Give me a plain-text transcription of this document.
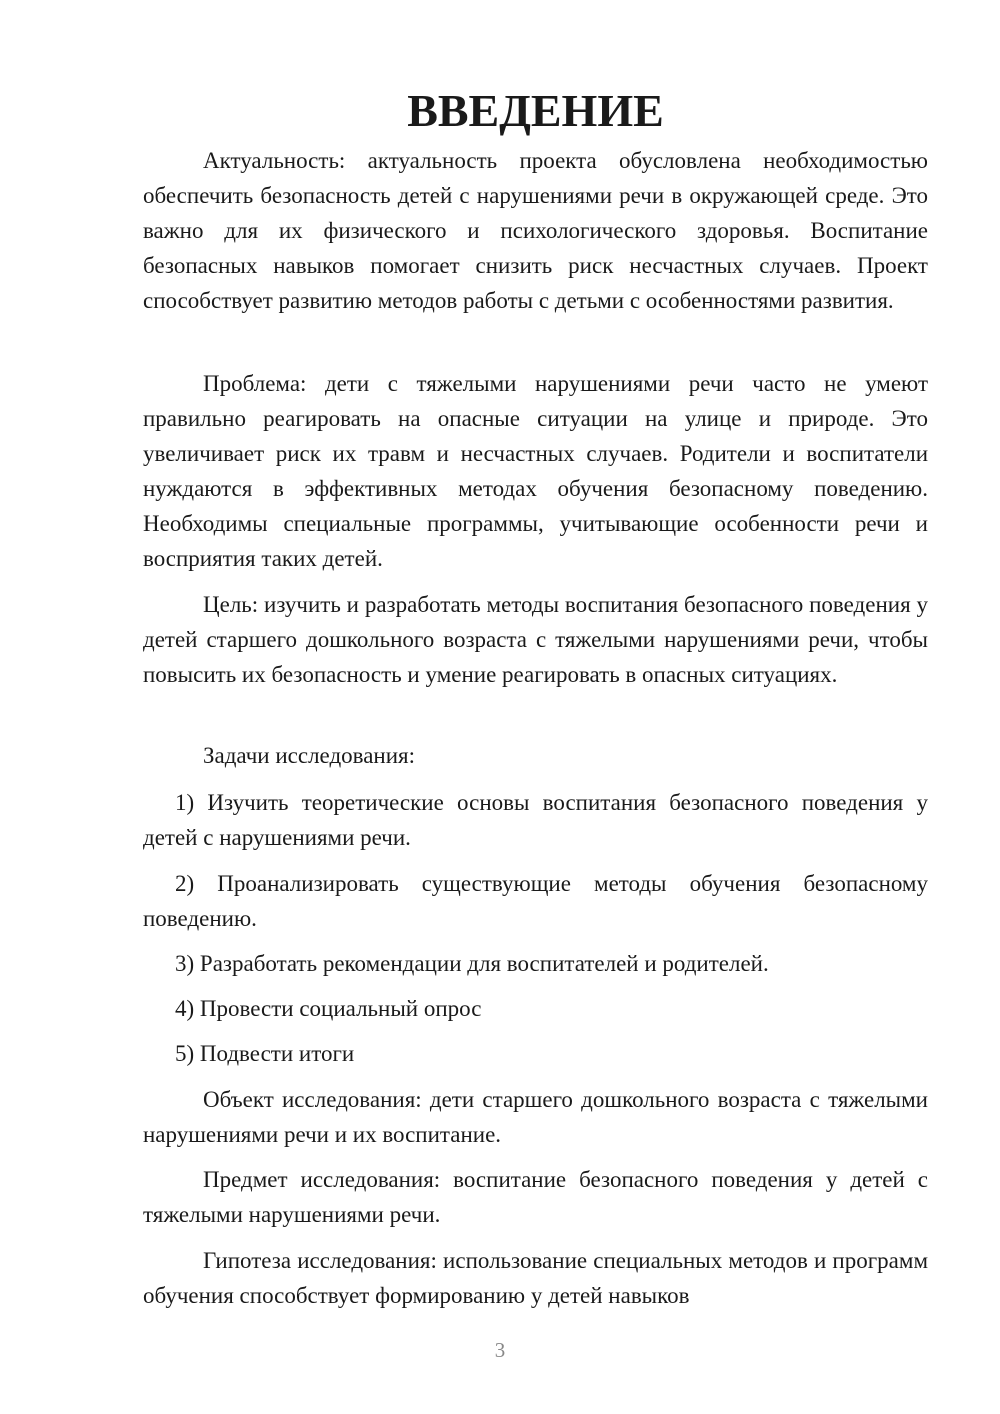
ВВЕДЕНИЕ

Актуальность: актуальность проекта обусловлена необходимостью обеспечить безопасность детей с нарушениями речи в окружающей среде. Это важно для их физического и психологического здоровья. Воспитание безопасных навыков помогает снизить риск несчастных случаев. Проект способствует развитию методов работы с детьми с особенностями развития.

Проблема: дети с тяжелыми нарушениями речи часто не умеют правильно реагировать на опасные ситуации на улице и природе. Это увеличивает риск их травм и несчастных случаев. Родители и воспитатели нуждаются в эффективных методах обучения безопасному поведению. Необходимы специальные программы, учитывающие особенности речи и восприятия таких детей.

Цель: изучить и разработать методы воспитания безопасного поведения у детей старшего дошкольного возраста с тяжелыми нарушениями речи, чтобы повысить их безопасность и умение реагировать в опасных ситуациях.

Задачи исследования:

1) Изучить теоретические основы воспитания безопасного поведения у детей с нарушениями речи.

2) Проанализировать существующие методы обучения безопасному поведению.

3) Разработать рекомендации для воспитателей и родителей.

4) Провести социальный опрос

5) Подвести итоги

Объект исследования: дети старшего дошкольного возраста с тяжелыми нарушениями речи и их воспитание.

Предмет исследования: воспитание безопасного поведения у детей с тяжелыми нарушениями речи.

Гипотеза исследования: использование специальных методов и программ обучения способствует формированию у детей навыков

3
